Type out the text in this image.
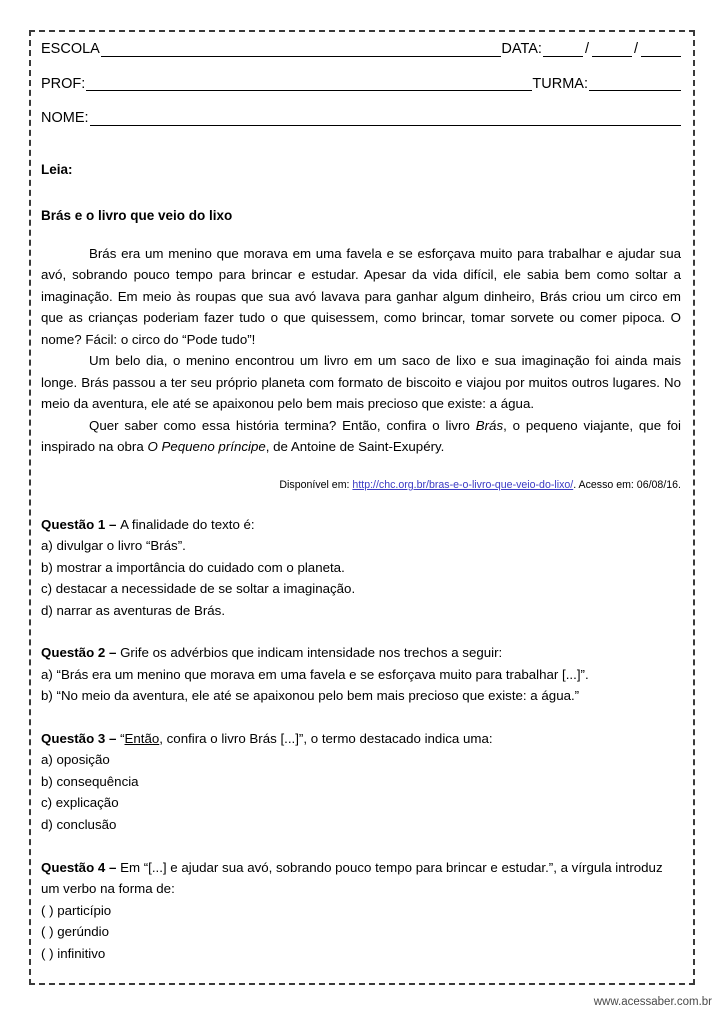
ESCOLA	DATA:	/	/
PROF:	TURMA:
NOME:
Leia:
Brás e o livro que veio do lixo

Brás era um menino que morava em uma favela e se esforçava muito para trabalhar e ajudar sua avó, sobrando pouco tempo para brincar e estudar. Apesar da vida difícil, ele sabia bem como soltar a imaginação. Em meio às roupas que sua avó lavava para ganhar algum dinheiro, Brás criou um circo em que as crianças poderiam fazer tudo o que quisessem, como brincar, tomar sorvete ou comer pipoca. O nome? Fácil: o circo do “Pode tudo”!

Um belo dia, o menino encontrou um livro em um saco de lixo e sua imaginação foi ainda mais longe. Brás passou a ter seu próprio planeta com formato de biscoito e viajou por muitos outros lugares. No meio da aventura, ele até se apaixonou pelo bem mais precioso que existe: a água.

Quer saber como essa história termina? Então, confira o livro Brás, o pequeno viajante, que foi inspirado na obra O Pequeno príncipe, de Antoine de Saint-Exupéry.

Disponível em: http://chc.org.br/bras-e-o-livro-que-veio-do-lixo/. Acesso em: 06/08/16.

Questão 1 – A finalidade do texto é:

a) divulgar o livro “Brás”.

b) mostrar a importância do cuidado com o planeta.

c) destacar a necessidade de se soltar a imaginação.

d) narrar as aventuras de Brás.

Questão 2 – Grife os advérbios que indicam intensidade nos trechos a seguir:

a) “Brás era um menino que morava em uma favela e se esforçava muito para trabalhar [...]”.

b) “No meio da aventura, ele até se apaixonou pelo bem mais precioso que existe: a água.”

Questão 3 – “Então, confira o livro Brás [...]”, o termo destacado indica uma:

a) oposição

b) consequência

c) explicação

d) conclusão

Questão 4 – Em “[...] e ajudar sua avó, sobrando pouco tempo para brincar e estudar.”, a vírgula introduz um verbo na forma de:

( ) particípio

( ) gerúndio

( ) infinitivo

www.acessaber.com.br
